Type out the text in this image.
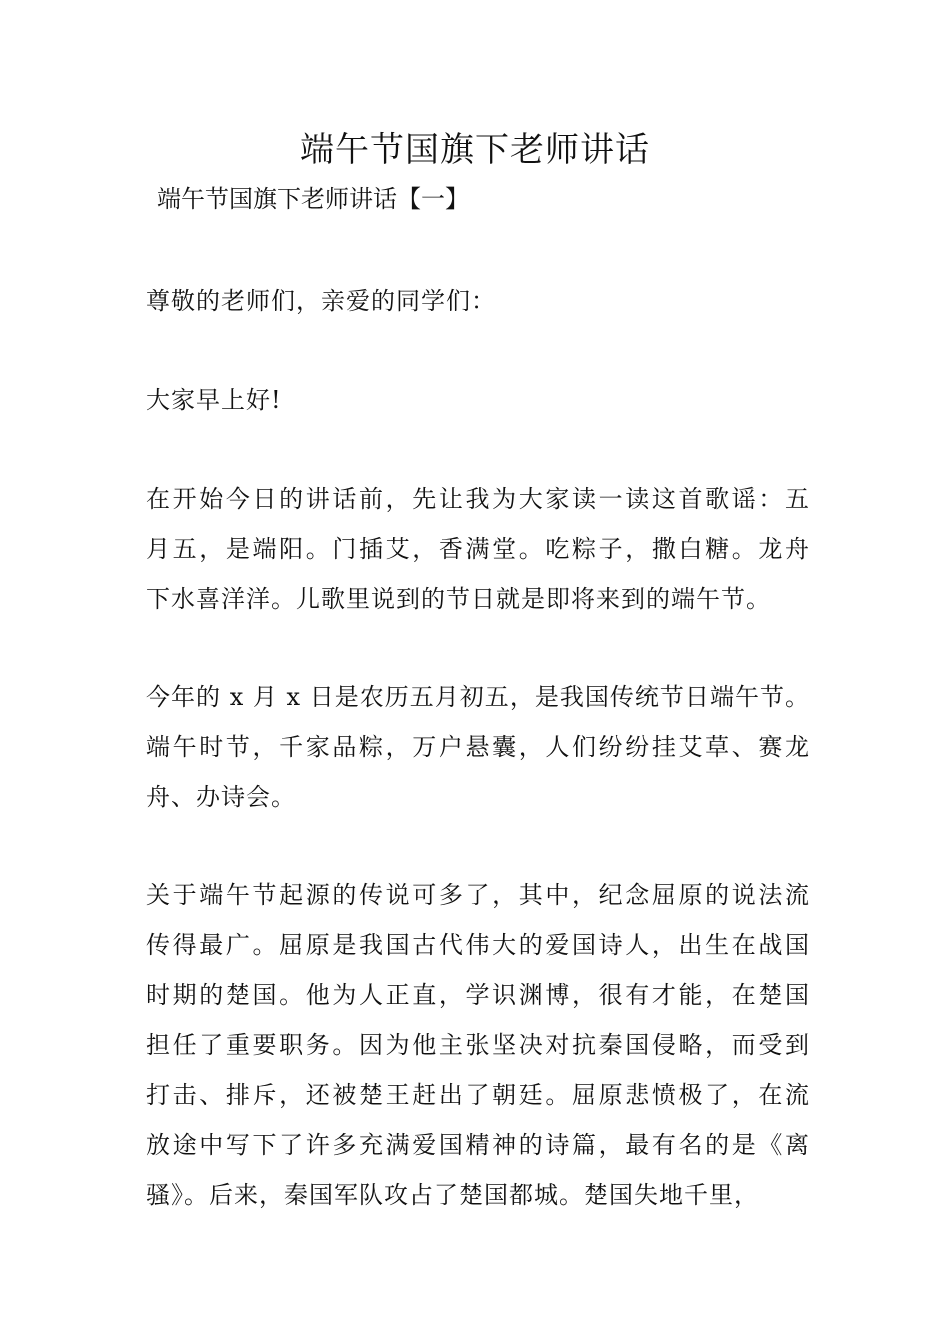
端午节国旗下老师讲话
端午节国旗下老师讲话【一】
尊敬的老师们，亲爱的同学们：
大家早上好!
在开始今日的讲话前，先让我为大家读一读这首歌谣：五
月五，是端阳。门插艾，香满堂。吃粽子，撒白糖。龙舟
下水喜洋洋。儿歌里说到的节日就是即将来到的端午节。
今年的 x 月 x 日是农历五月初五，是我国传统节日端午节。
端午时节，千家品粽，万户悬囊，人们纷纷挂艾草、赛龙
舟、办诗会。
关于端午节起源的传说可多了，其中，纪念屈原的说法流
传得最广。屈原是我国古代伟大的爱国诗人，出生在战国
时期的楚国。他为人正直，学识渊博，很有才能，在楚国
担任了重要职务。因为他主张坚决对抗秦国侵略，而受到
打击、排斥，还被楚王赶出了朝廷。屈原悲愤极了，在流
放途中写下了许多充满爱国精神的诗篇，最有名的是《离
骚》。后来，秦国军队攻占了楚国都城。楚国失地千里，
